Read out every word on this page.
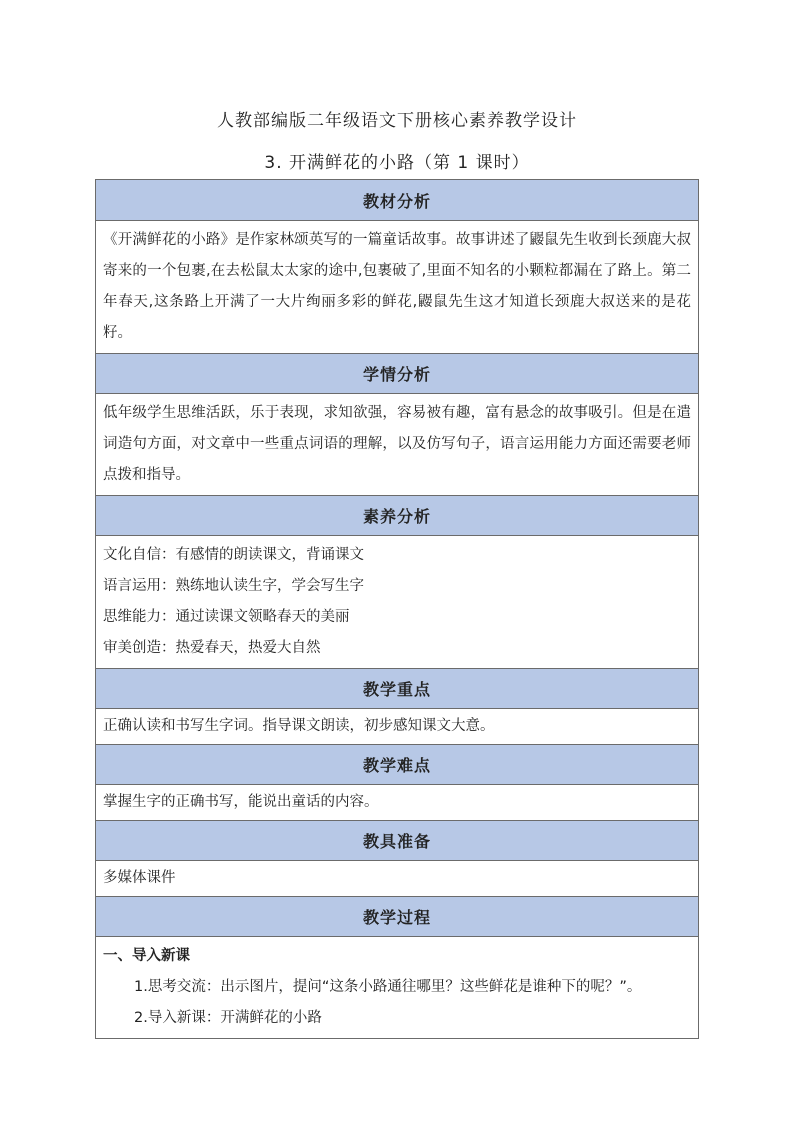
人教部编版二年级语文下册核心素养教学设计
3. 开满鲜花的小路（第 1 课时）
教材分析
《开满鲜花的小路》是作家林颂英写的一篇童话故事。故事讲述了鼹鼠先生收到长颈鹿大叔寄来的一个包裹,在去松鼠太太家的途中,包裹破了,里面不知名的小颗粒都漏在了路上。第二年春天,这条路上开满了一大片绚丽多彩的鲜花,鼹鼠先生这才知道长颈鹿大叔送来的是花籽。
学情分析
低年级学生思维活跃，乐于表现，求知欲强，容易被有趣，富有悬念的故事吸引。但是在遣词造句方面，对文章中一些重点词语的理解，以及仿写句子，语言运用能力方面还需要老师点拨和指导。
素养分析

文化自信：有感情的朗读课文，背诵课文
语言运用：熟练地认读生字，学会写生字
思维能力：通过读课文领略春天的美丽
审美创造：热爱春天，热爱大自然

教学重点
正确认读和书写生字词。指导课文朗读，初步感知课文大意。
教学难点
掌握生字的正确书写，能说出童话的内容。
教具准备
多媒体课件
教学过程

一、导入新课
1.思考交流：出示图片，提问“这条小路通往哪里？这些鲜花是谁种下的呢？”。
2.导入新课：开满鲜花的小路
